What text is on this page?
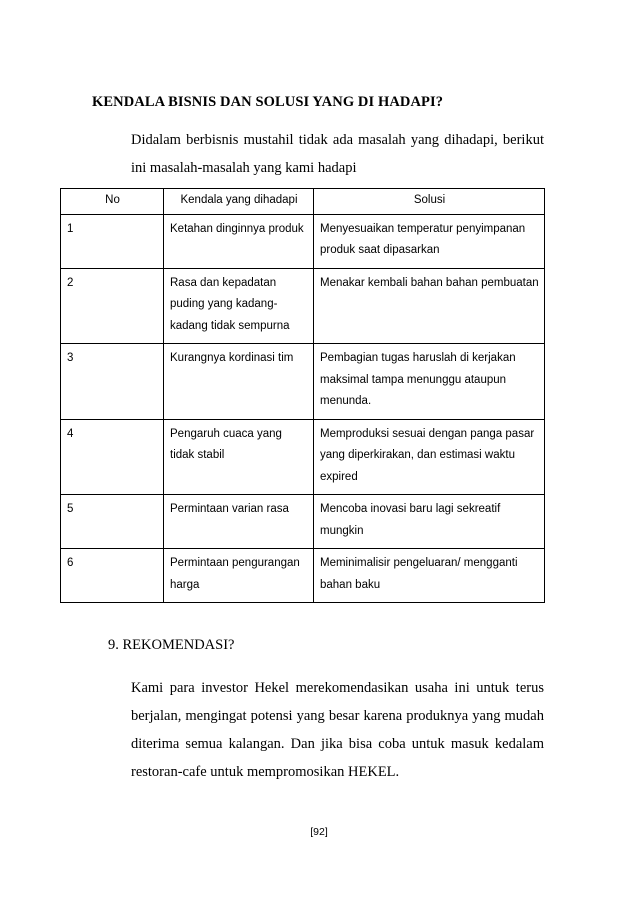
KENDALA BISNIS DAN SOLUSI YANG DI HADAPI?
Didalam berbisnis mustahil tidak ada masalah yang dihadapi, berikut ini masalah-masalah yang kami hadapi
No	Kendala yang dihadapi	Solusi
1	Ketahan dinginnya produk	Menyesuaikan temperatur penyimpanan produk saat dipasarkan
2	Rasa dan kepadatan puding yang kadang-kadang tidak sempurna	Menakar kembali bahan bahan pembuatan
3	Kurangnya kordinasi tim	Pembagian tugas haruslah di kerjakan maksimal tampa menunggu ataupun menunda.
4	Pengaruh cuaca yang tidak stabil	Memproduksi sesuai dengan panga pasar yang diperkirakan, dan estimasi waktu expired
5	Permintaan varian rasa	Mencoba inovasi baru lagi sekreatif mungkin
6	Permintaan pengurangan harga	Meminimalisir pengeluaran/ mengganti bahan baku
9. REKOMENDASI?
Kami para investor Hekel merekomendasikan usaha ini untuk terus berjalan, mengingat potensi yang besar karena produknya yang mudah diterima semua kalangan. Dan jika bisa coba untuk masuk kedalam restoran-cafe untuk mempromosikan HEKEL.
[92]
